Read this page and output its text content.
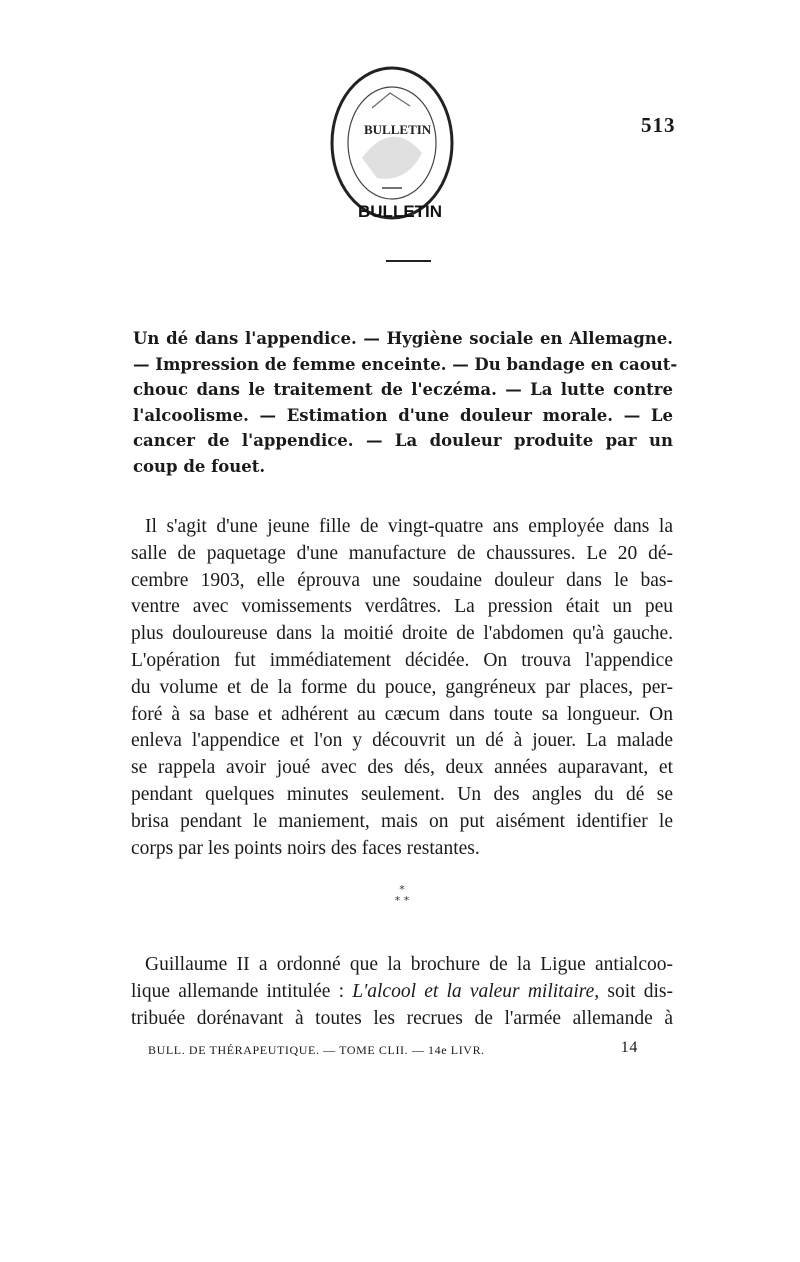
BULLETIN
BULLETIN
513
Un dé dans l'appendice. — Hygiène sociale en Allemagne.
— Impression de femme enceinte. — Du bandage en caout-
chouc dans le traitement de l'eczéma. — La lutte contre
l'alcoolisme. — Estimation d'une douleur morale. — Le
cancer de l'appendice. — La douleur produite par un
coup de fouet.
Il s'agit d'une jeune fille de vingt-quatre ans employée dans la
salle de paquetage d'une manufacture de chaussures. Le 20 dé-
cembre 1903, elle éprouva une soudaine douleur dans le bas-
ventre avec vomissements verdâtres. La pression était un peu
plus douloureuse dans la moitié droite de l'abdomen qu'à gauche.
L'opération fut immédiatement décidée. On trouva l'appendice
du volume et de la forme du pouce, gangréneux par places, per-
foré à sa base et adhérent au cæcum dans toute sa longueur. On
enleva l'appendice et l'on y découvrit un dé à jouer. La malade
se rappela avoir joué avec des dés, deux années auparavant, et
pendant quelques minutes seulement. Un des angles du dé se
brisa pendant le maniement, mais on put aisément identifier le
corps par les points noirs des faces restantes.
*
* *
Guillaume II a ordonné que la brochure de la Ligue antialcoo-
lique allemande intitulée : L'alcool et la valeur militaire, soit dis-
tribuée dorénavant à toutes les recrues de l'armée allemande à
BULL. DE THÉRAPEUTIQUE. — TOME CLII. — 14e LIVR.	14
